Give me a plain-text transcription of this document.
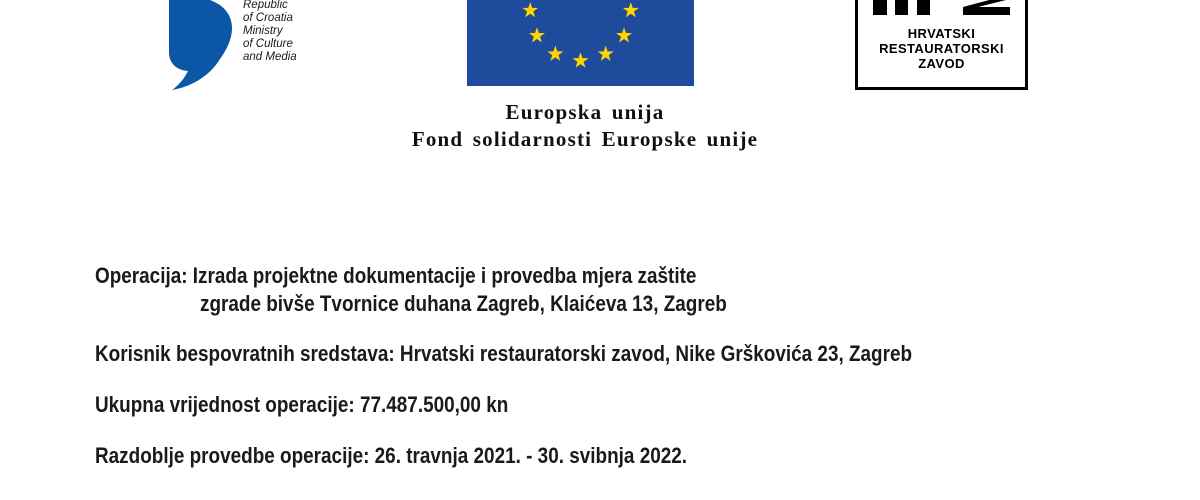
Republic
of Croatia
Ministry
of Culture
and Media
Europska unija
Fond solidarnosti Europske unije
HRVATSKI
RESTAURATORSKI
ZAVOD
Operacija: Izrada projektne dokumentacije i provedba mjera zaštite
zgrade bivše Tvornice duhana Zagreb, Klaićeva 13, Zagreb
Korisnik bespovratnih sredstava: Hrvatski restauratorski zavod, Nike Grškovića 23, Zagreb
Ukupna vrijednost operacije: 77.487.500,00 kn
Razdoblje provedbe operacije: 26. travnja 2021. - 30. svibnja 2022.
